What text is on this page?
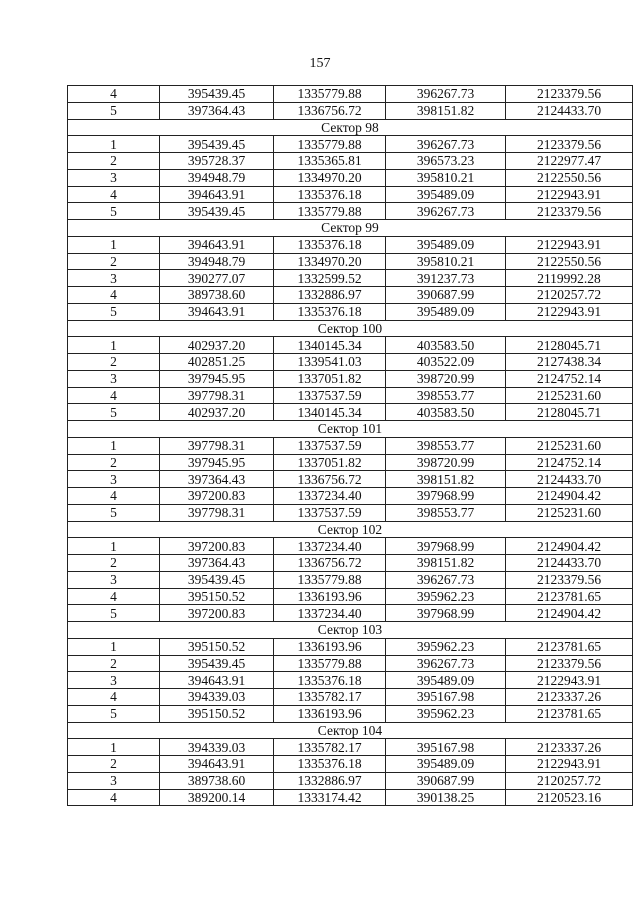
157
4	395439.45	1335779.88	396267.73	2123379.56
5	397364.43	1336756.72	398151.82	2124433.70
Сектор 98				
1	395439.45	1335779.88	396267.73	2123379.56
2	395728.37	1335365.81	396573.23	2122977.47
3	394948.79	1334970.20	395810.21	2122550.56
4	394643.91	1335376.18	395489.09	2122943.91
5	395439.45	1335779.88	396267.73	2123379.56
Сектор 99				
1	394643.91	1335376.18	395489.09	2122943.91
2	394948.79	1334970.20	395810.21	2122550.56
3	390277.07	1332599.52	391237.73	2119992.28
4	389738.60	1332886.97	390687.99	2120257.72
5	394643.91	1335376.18	395489.09	2122943.91
Сектор 100				
1	402937.20	1340145.34	403583.50	2128045.71
2	402851.25	1339541.03	403522.09	2127438.34
3	397945.95	1337051.82	398720.99	2124752.14
4	397798.31	1337537.59	398553.77	2125231.60
5	402937.20	1340145.34	403583.50	2128045.71
Сектор 101				
1	397798.31	1337537.59	398553.77	2125231.60
2	397945.95	1337051.82	398720.99	2124752.14
3	397364.43	1336756.72	398151.82	2124433.70
4	397200.83	1337234.40	397968.99	2124904.42
5	397798.31	1337537.59	398553.77	2125231.60
Сектор 102				
1	397200.83	1337234.40	397968.99	2124904.42
2	397364.43	1336756.72	398151.82	2124433.70
3	395439.45	1335779.88	396267.73	2123379.56
4	395150.52	1336193.96	395962.23	2123781.65
5	397200.83	1337234.40	397968.99	2124904.42
Сектор 103				
1	395150.52	1336193.96	395962.23	2123781.65
2	395439.45	1335779.88	396267.73	2123379.56
3	394643.91	1335376.18	395489.09	2122943.91
4	394339.03	1335782.17	395167.98	2123337.26
5	395150.52	1336193.96	395962.23	2123781.65
Сектор 104				
1	394339.03	1335782.17	395167.98	2123337.26
2	394643.91	1335376.18	395489.09	2122943.91
3	389738.60	1332886.97	390687.99	2120257.72
4	389200.14	1333174.42	390138.25	2120523.16
